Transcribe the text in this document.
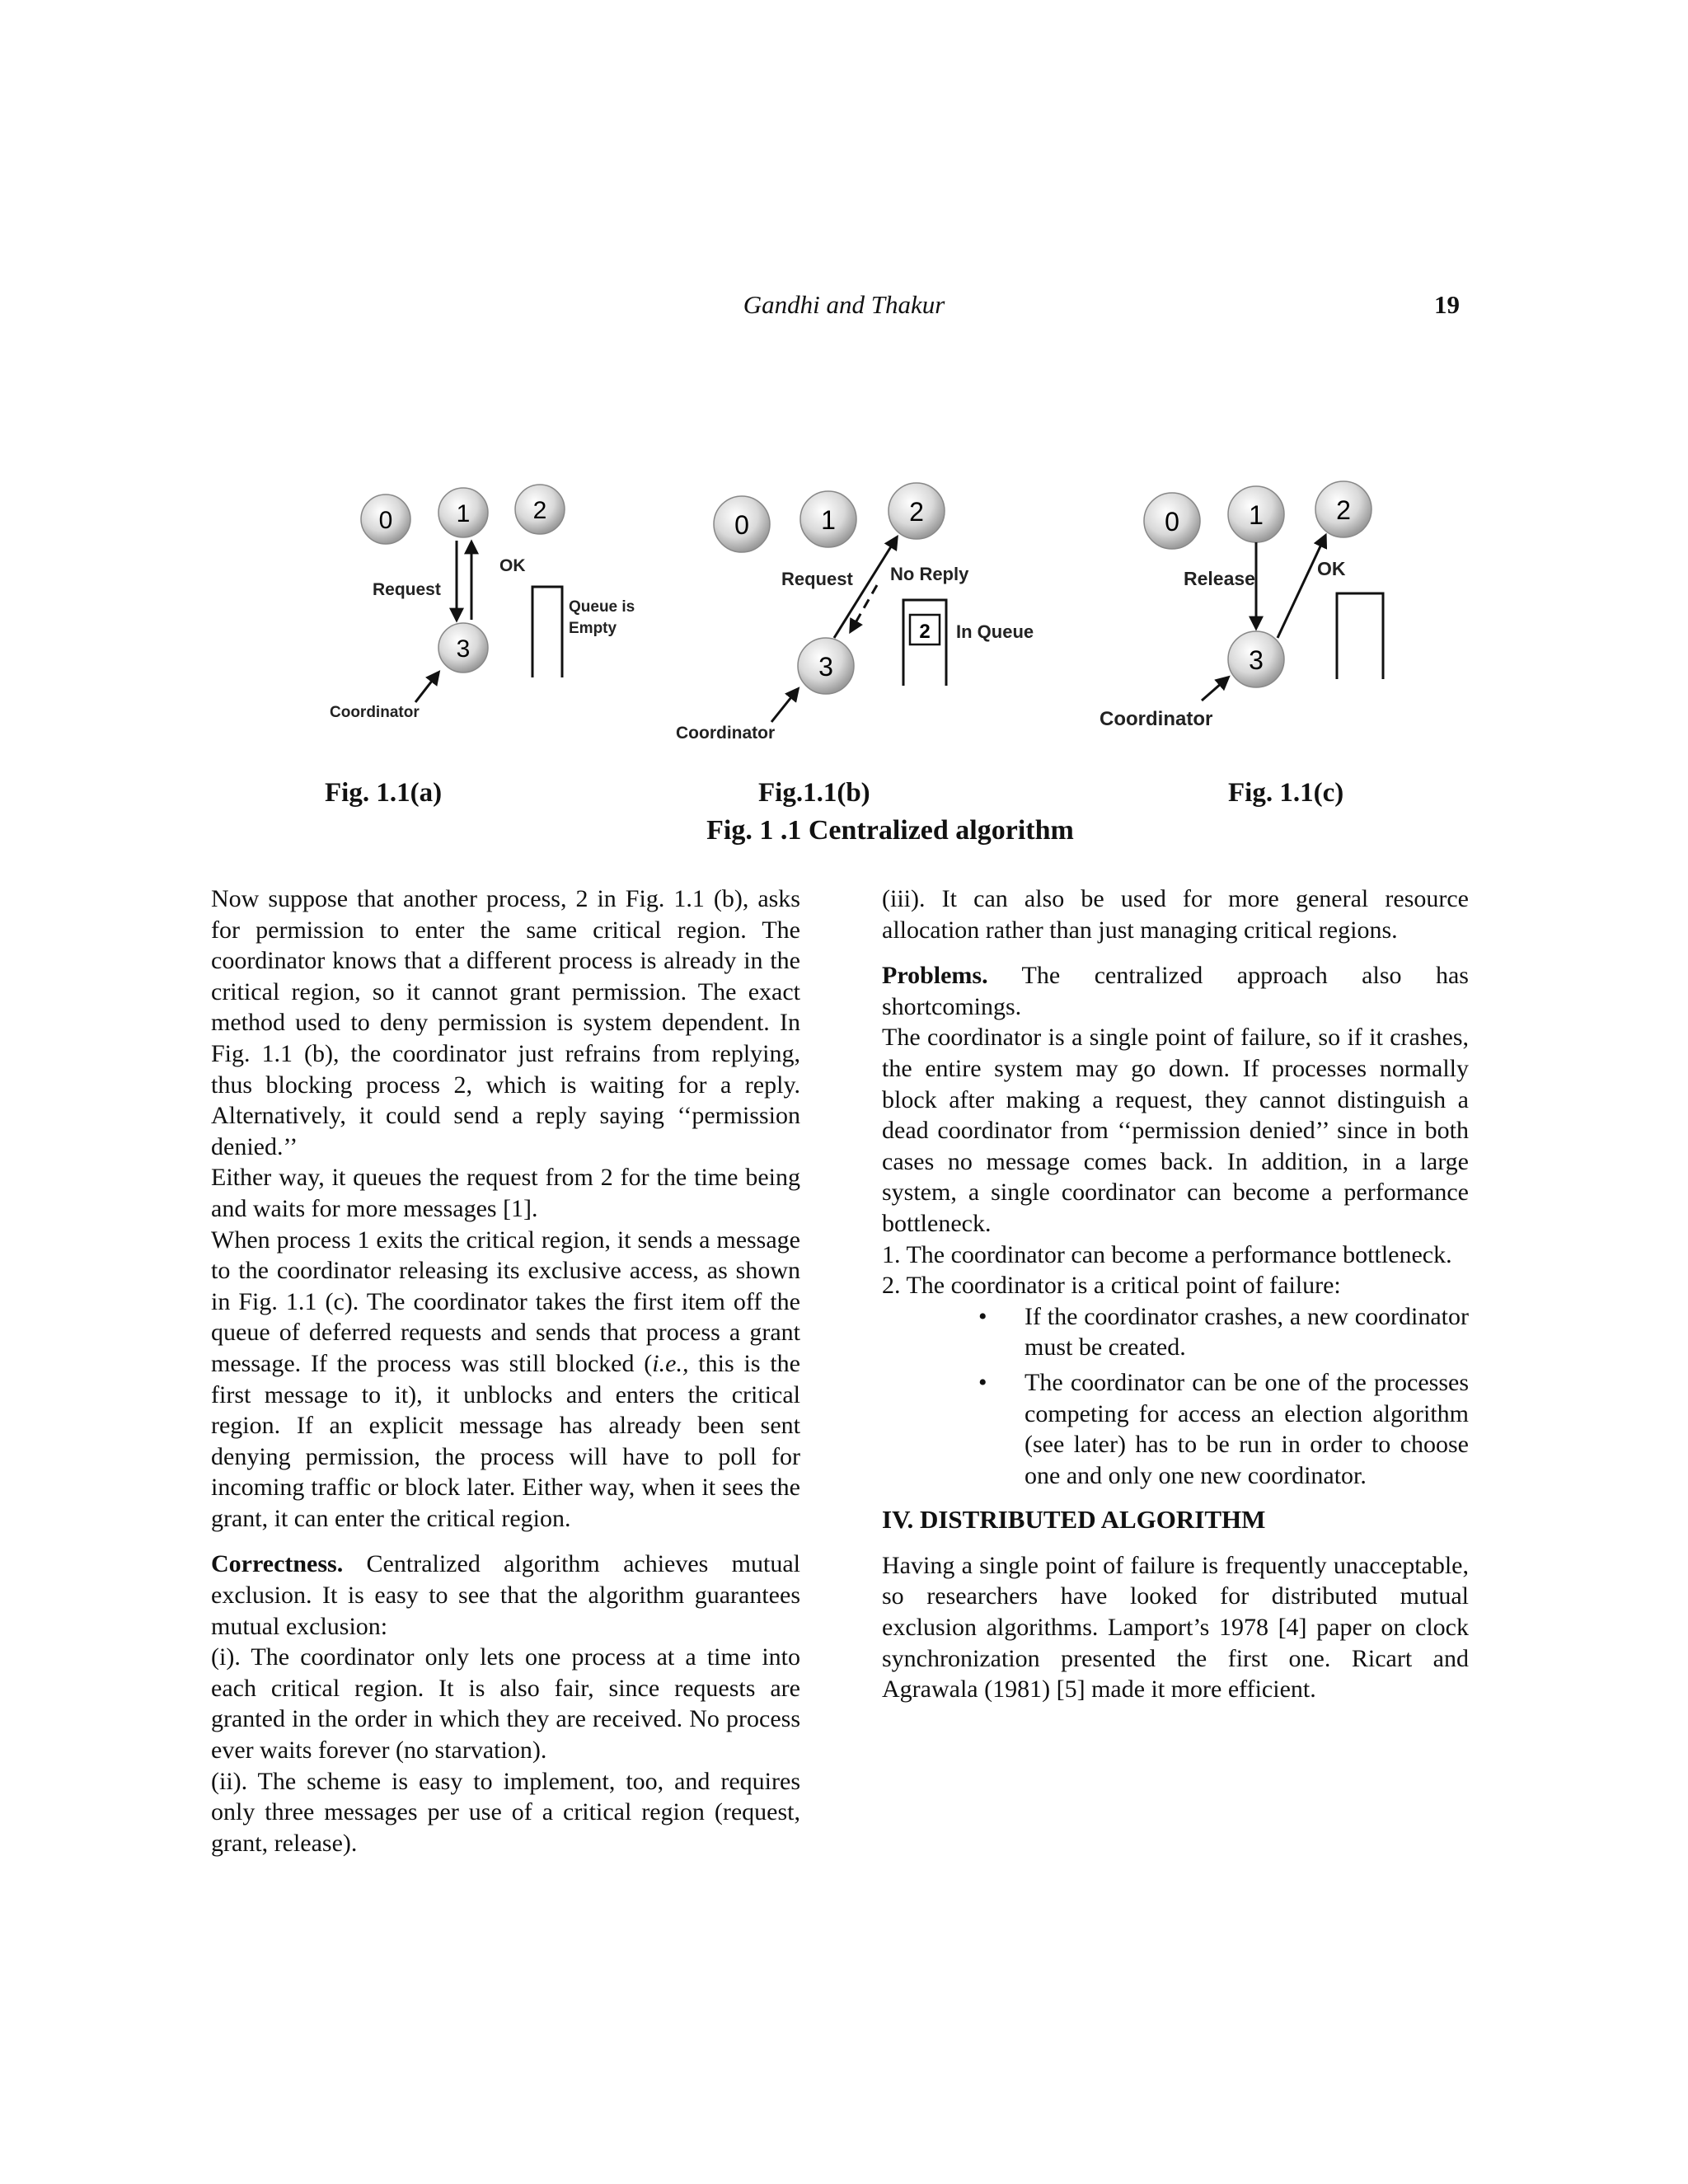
Gandhi and Thakur	19
0	1	2
3
Request
OK
Queue is
Empty
Coordinator
Fig. 1.1(a)
0	1	2
3
Request No Reply
2 In Queue
Coordinator
Fig.1.1(b)
0	1	2
3
Release	OK
Coordinator
Fig. 1.1(c)
Fig. 1 .1 Centralized algorithm

Now suppose that another process, 2 in Fig. 1.1 (b), asks for permission to enter the same critical region. The coordinator knows that a different process is already in the critical region, so it cannot grant permission. The exact method used to deny permission is system dependent. In Fig. 1.1 (b), the coordinator just refrains from replying, thus blocking process 2, which is waiting for a reply. Alternatively, it could send a reply saying ‘‘permission denied.’’

Either way, it queues the request from 2 for the time being and waits for more messages [1].

When process 1 exits the critical region, it sends a message to the coordinator releasing its exclusive access, as shown in Fig. 1.1 (c). The coordinator takes the first item off the queue of deferred requests and sends that process a grant message. If the process was still blocked (i.e., this is the first message to it), it unblocks and enters the critical region. If an explicit message has already been sent denying permission, the process will have to poll for incoming traffic or block later. Either way, when it sees the grant, it can enter the critical region.

Correctness. Centralized algorithm achieves mutual exclusion. It is easy to see that the algorithm guarantees mutual exclusion:

(i). The coordinator only lets one process at a time into each critical region. It is also fair, since requests are granted in the order in which they are received. No process ever waits forever (no starvation).

(ii). The scheme is easy to implement, too, and requires only three messages per use of a critical region (request, grant, release).

(iii). It can also be used for more general resource allocation rather than just managing critical regions.

Problems. The centralized approach also has shortcomings.

The coordinator is a single point of failure, so if it crashes, the entire system may go down. If processes normally block after making a request, they cannot distinguish a dead coordinator from ‘‘permission denied’’ since in both cases no message comes back. In addition, in a large system, a single coordinator can become a performance bottleneck.

1. The coordinator can become a performance bottleneck.

2. The coordinator is a critical point of failure:

• If the coordinator crashes, a new coordinator must be created.
• The coordinator can be one of the processes competing for access an election algorithm (see later) has to be run in order to choose one and only one new coordinator.

IV. DISTRIBUTED ALGORITHM

Having a single point of failure is frequently unacceptable, so researchers have looked for distributed mutual exclusion algorithms. Lamport’s 1978 [4] paper on clock synchronization presented the first one. Ricart and Agrawala (1981) [5] made it more efficient.
